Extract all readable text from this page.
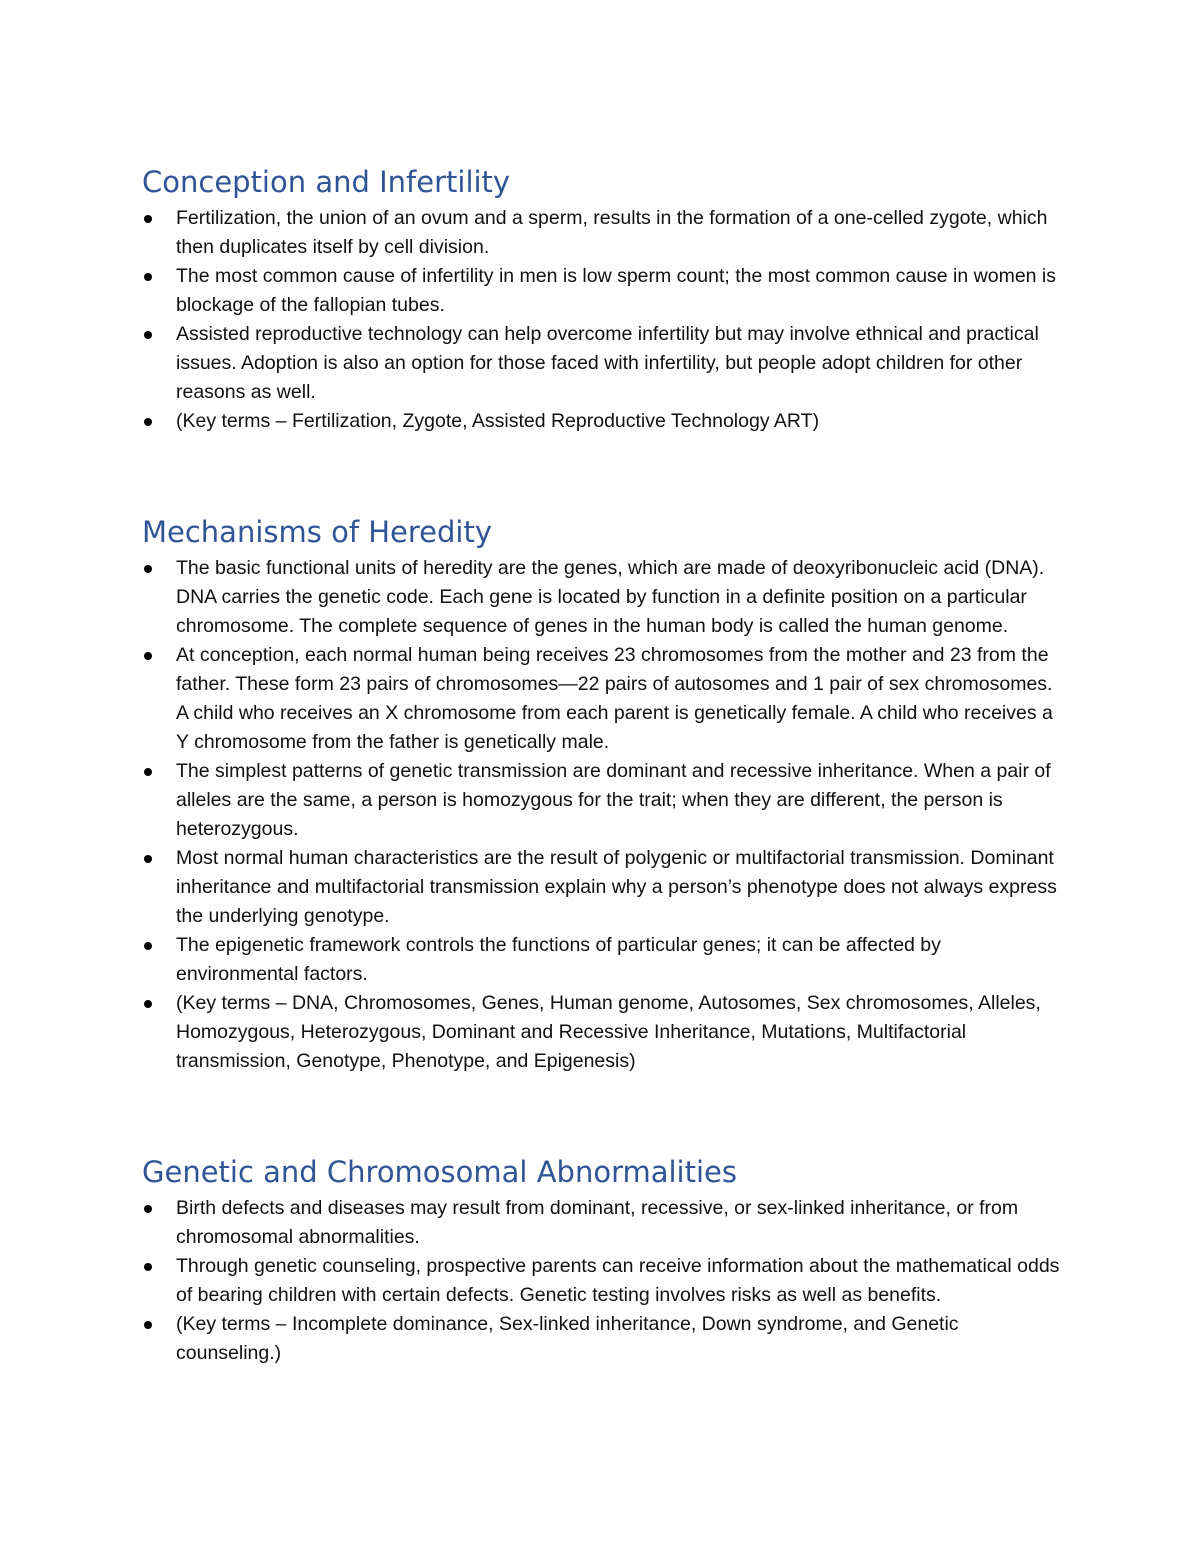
Conception and Infertility
Fertilization, the union of an ovum and a sperm, results in the formation of a one-celled zygote, which then duplicates itself by cell division.
The most common cause of infertility in men is low sperm count; the most common cause in women is blockage of the fallopian tubes.
Assisted reproductive technology can help overcome infertility but may involve ethnical and practical issues. Adoption is also an option for those faced with infertility, but people adopt children for other reasons as well.
(Key terms – Fertilization, Zygote, Assisted Reproductive Technology ART)
Mechanisms of Heredity
The basic functional units of heredity are the genes, which are made of deoxyribonucleic acid (DNA). DNA carries the genetic code. Each gene is located by function in a definite position on a particular chromosome. The complete sequence of genes in the human body is called the human genome.
At conception, each normal human being receives 23 chromosomes from the mother and 23 from the father. These form 23 pairs of chromosomes—22 pairs of autosomes and 1 pair of sex chromosomes. A child who receives an X chromosome from each parent is genetically female. A child who receives a Y chromosome from the father is genetically male.
The simplest patterns of genetic transmission are dominant and recessive inheritance. When a pair of alleles are the same, a person is homozygous for the trait; when they are different, the person is heterozygous.
Most normal human characteristics are the result of polygenic or multifactorial transmission. Dominant inheritance and multifactorial transmission explain why a person’s phenotype does not always express the underlying genotype.
The epigenetic framework controls the functions of particular genes; it can be affected by environmental factors.
(Key terms – DNA, Chromosomes, Genes, Human genome, Autosomes, Sex chromosomes, Alleles, Homozygous, Heterozygous, Dominant and Recessive Inheritance, Mutations, Multifactorial transmission, Genotype, Phenotype, and Epigenesis)
Genetic and Chromosomal Abnormalities
Birth defects and diseases may result from dominant, recessive, or sex-linked inheritance, or from chromosomal abnormalities.
Through genetic counseling, prospective parents can receive information about the mathematical odds of bearing children with certain defects. Genetic testing involves risks as well as benefits.
(Key terms – Incomplete dominance, Sex-linked inheritance, Down syndrome, and Genetic counseling.)
